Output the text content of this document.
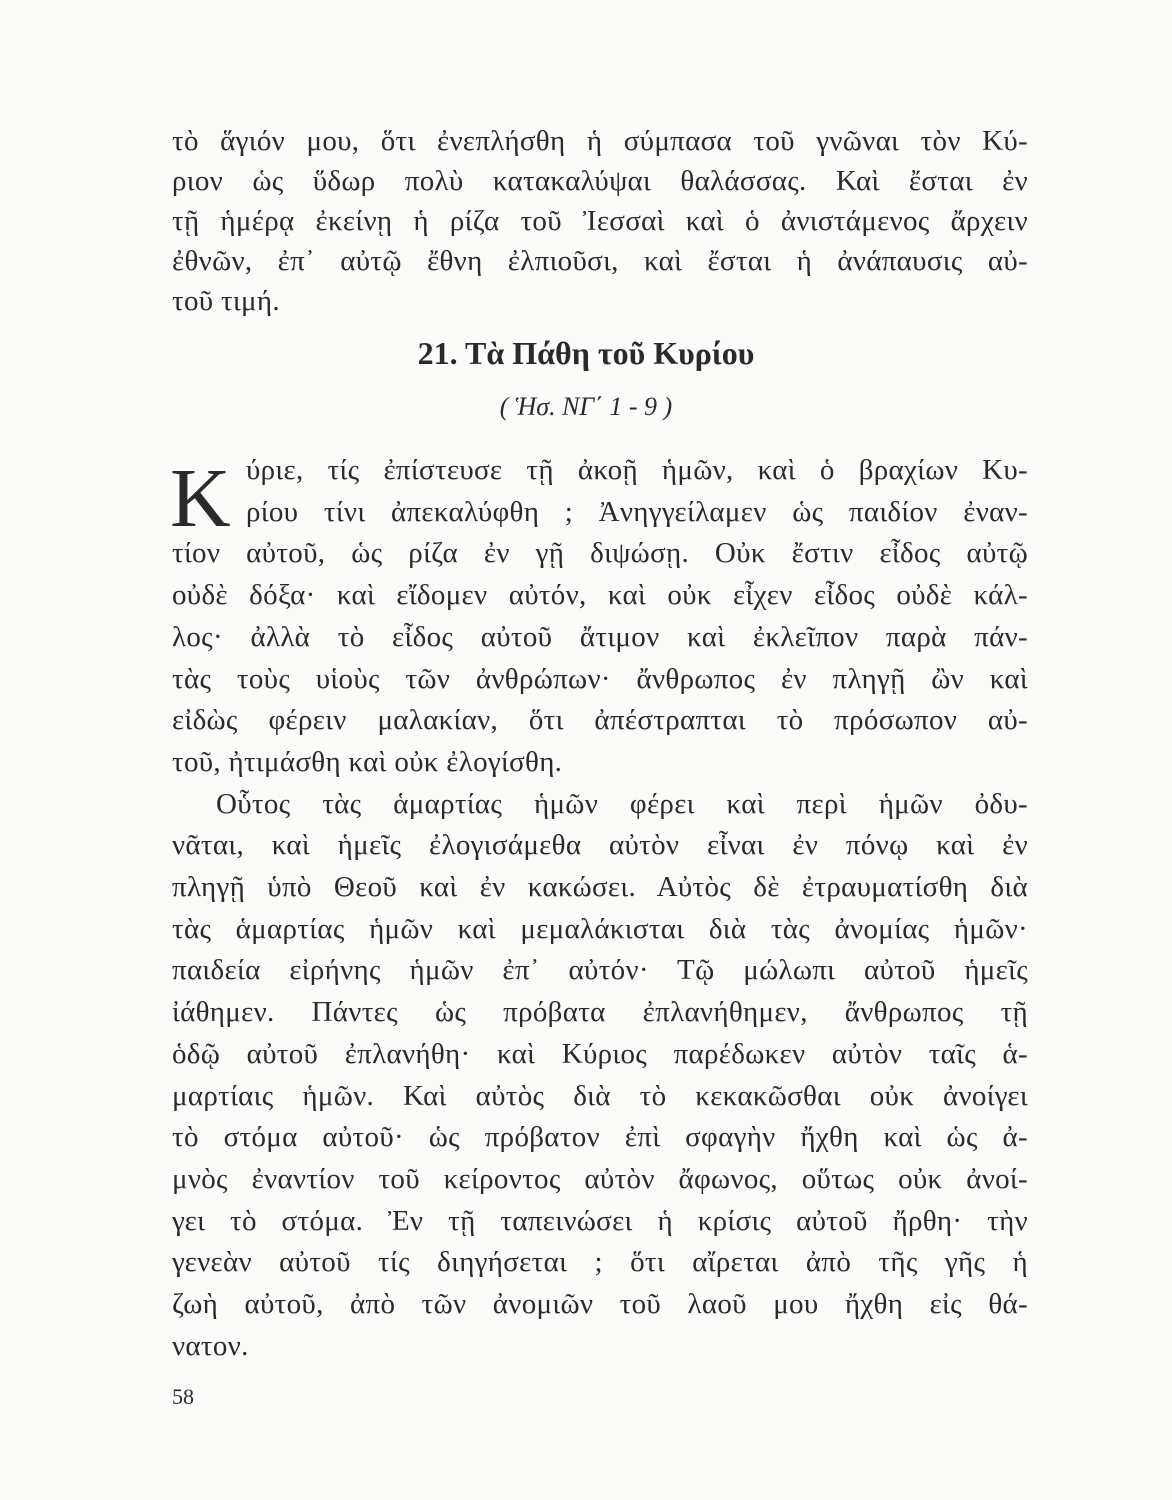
τὸ ἅγιόν μου, ὅτι ἐνεπλήσθη ἡ σύμπασα τοῦ γνῶναι τὸν Κύ-
ριον ὡς ὕδωρ πολὺ κατακαλύψαι θαλάσσας. Καὶ ἔσται ἐν
τῇ ἡμέρᾳ ἐκείνῃ ἡ ρίζα τοῦ Ἰεσσαὶ καὶ ὁ ἀνιστάμενος ἄρχειν
ἐθνῶν, ἐπ᾽ αὐτῷ ἔθνη ἐλπιοῦσι, καὶ ἔσται ἡ ἀνάπαυσις αὐ-
τοῦ τιμή.
21. Τὰ Πάθη τοῦ Κυρίου
( Ἡσ. ΝΓ΄ 1 - 9 )
Κ ύριε, τίς ἐπίστευσε τῇ ἀκοῇ ἡμῶν, καὶ ὁ βραχίων Κυ-
ρίου τίνι ἀπεκαλύφθη ; Ἀνηγγείλαμεν ὡς παιδίον ἐναν-
τίον αὐτοῦ, ὡς ρίζα ἐν γῇ διψώσῃ. Οὐκ ἔστιν εἶδος αὐτῷ
οὐδὲ δόξα· καὶ εἴδομεν αὐτόν, καὶ οὐκ εἶχεν εἶδος οὐδὲ κάλ-
λος· ἀλλὰ τὸ εἶδος αὐτοῦ ἄτιμον καὶ ἐκλεῖπον παρὰ πάν-
τὰς τοὺς υἱοὺς τῶν ἀνθρώπων· ἄνθρωπος ἐν πληγῇ ὢν καὶ
εἰδὼς φέρειν μαλακίαν, ὅτι ἀπέστραπται τὸ πρόσωπον αὐ-
τοῦ, ἠτιμάσθη καὶ οὐκ ἐλογίσθη.
Οὗτος τὰς ἁμαρτίας ἡμῶν φέρει καὶ περὶ ἡμῶν ὀδυ-
νᾶται, καὶ ἡμεῖς ἐλογισάμεθα αὐτὸν εἶναι ἐν πόνῳ καὶ ἐν
πληγῇ ὑπὸ Θεοῦ καὶ ἐν κακώσει. Αὐτὸς δὲ ἐτραυματίσθη διὰ
τὰς ἁμαρτίας ἡμῶν καὶ μεμαλάκισται διὰ τὰς ἀνομίας ἡμῶν·
παιδεία εἰρήνης ἡμῶν ἐπ᾽ αὐτόν· Τῷ μώλωπι αὐτοῦ ἡμεῖς
ἰάθημεν. Πάντες ὡς πρόβατα ἐπλανήθημεν, ἄνθρωπος τῇ
ὁδῷ αὐτοῦ ἐπλανήθη· καὶ Κύριος παρέδωκεν αὐτὸν ταῖς ἁ-
μαρτίαις ἡμῶν. Καὶ αὐτὸς διὰ τὸ κεκακῶσθαι οὐκ ἀνοίγει
τὸ στόμα αὐτοῦ· ὡς πρόβατον ἐπὶ σφαγὴν ἤχθη καὶ ὡς ἀ-
μνὸς ἐναντίον τοῦ κείροντος αὐτὸν ἄφωνος, οὕτως οὐκ ἀνοί-
γει τὸ στόμα. Ἐν τῇ ταπεινώσει ἡ κρίσις αὐτοῦ ἤρθη· τὴν
γενεὰν αὐτοῦ τίς διηγήσεται ; ὅτι αἴρεται ἀπὸ τῆς γῆς ἡ
ζωὴ αὐτοῦ, ἀπὸ τῶν ἀνομιῶν τοῦ λαοῦ μου ἤχθη εἰς θά-
νατον.
58
